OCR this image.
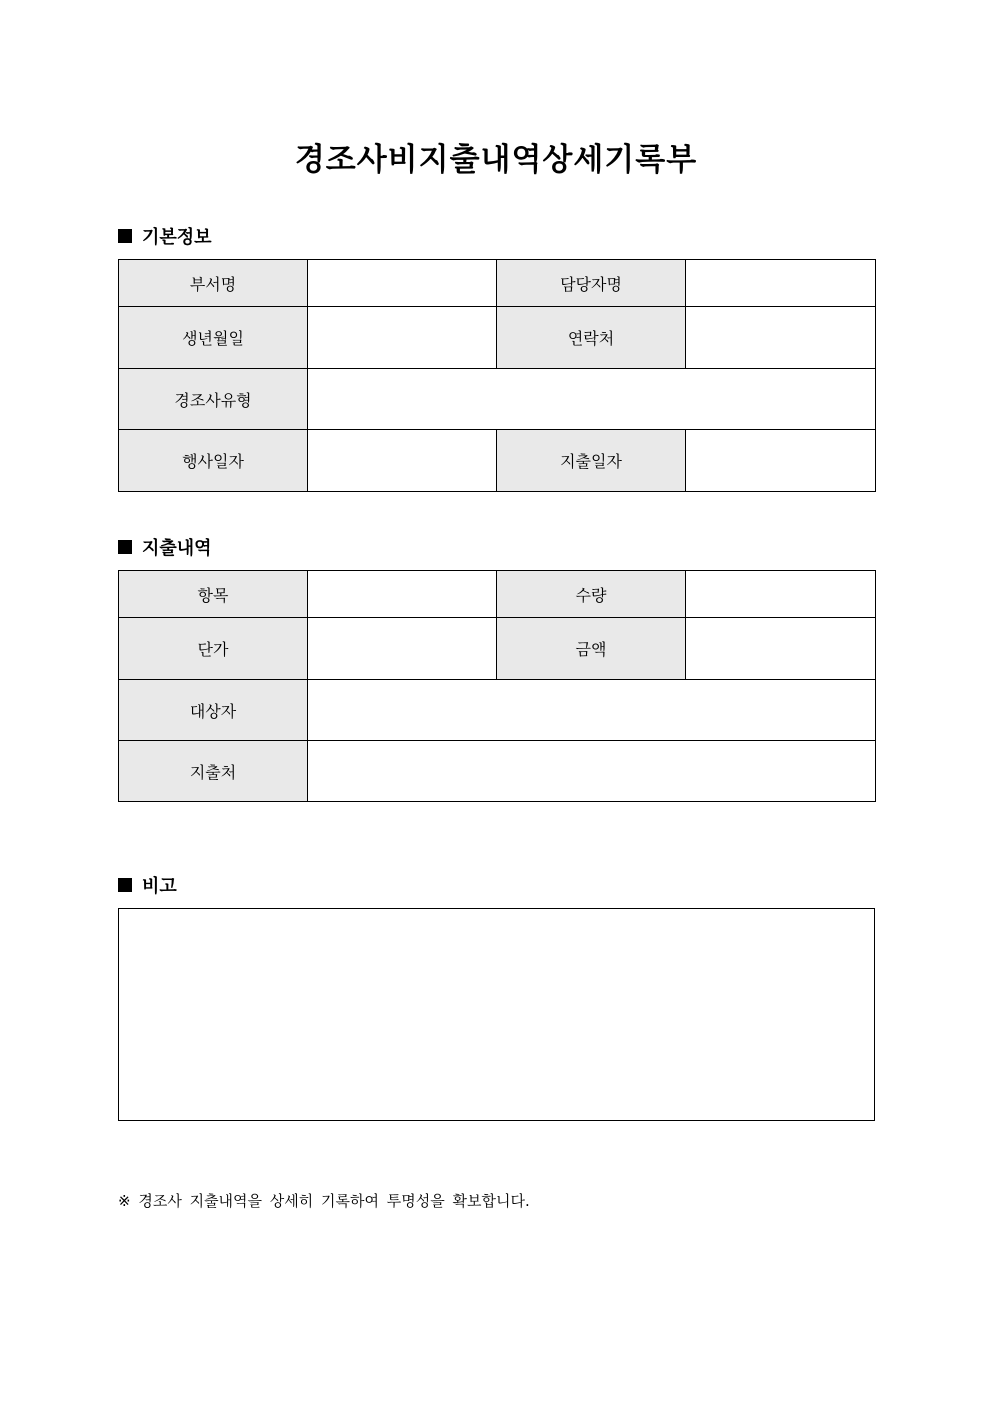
경조사비지출내역상세기록부
기본정보
부서명		담당자명	
생년월일		연락처	
경조사유형			
행사일자		지출일자	
지출내역
항목		수량	
단가		금액	
대상자			
지출처			
비고
※ 경조사 지출내역을 상세히 기록하여 투명성을 확보합니다.
